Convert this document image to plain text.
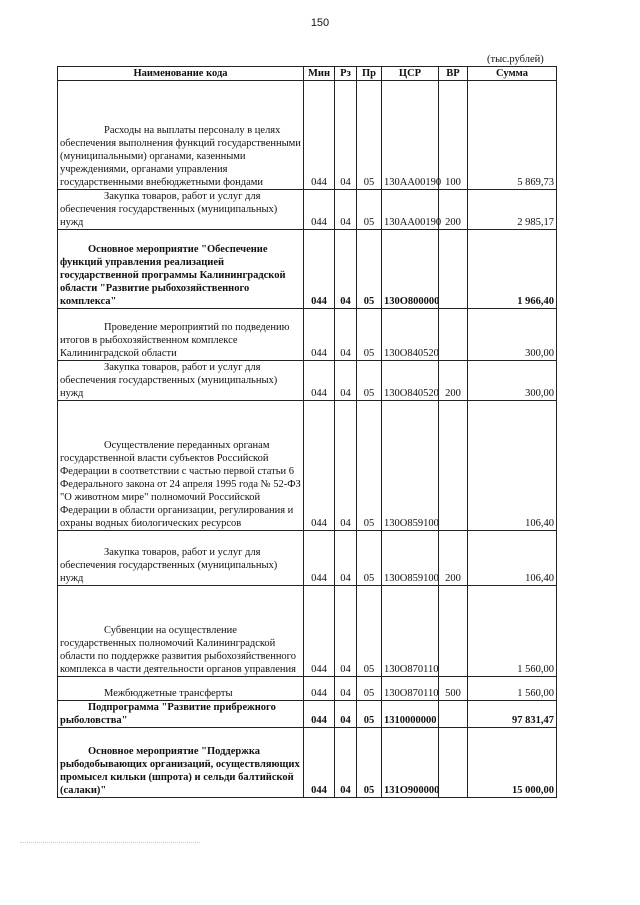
150
(тыс.рублей)
Наименование кода	Мин	Рз	Пр	ЦСР	ВР	Сумма
Расходы на выплаты персоналу в целях обеспечения выполнения функций государственными (муниципальными) органами, казенными учреждениями, органами управления государственными внебюджетными фондами	044	04	05	130АА00190	100	5 869,73
Закупка товаров, работ и услуг для обеспечения государственных (муниципальных) нужд	044	04	05	130АА00190	200	2 985,17
Основное мероприятие "Обеспечение функций управления реализацией государственной программы Калининградской области "Развитие рыбохозяйственного комплекса"	044	04	05	130О800000		1 966,40
Проведение мероприятий по подведению итогов в рыбохозяйственном комплексе Калининградской области	044	04	05	130О840520		300,00
Закупка товаров, работ и услуг для обеспечения государственных (муниципальных) нужд	044	04	05	130О840520	200	300,00
Осуществление переданных органам государственной власти субъектов Российской Федерации в соответствии с частью первой статьи 6 Федерального закона от 24 апреля 1995 года № 52-ФЗ "О животном мире" полномочий Российской Федерации в области организации, регулирования и охраны водных биологических ресурсов	044	04	05	130О859100		106,40
Закупка товаров, работ и услуг для обеспечения государственных (муниципальных) нужд	044	04	05	130О859100	200	106,40
Субвенции на осуществление государственных полномочий Калининградской области по поддержке развития рыбохозяйственного комплекса в части деятельности органов управления	044	04	05	130О870110		1 560,00
Межбюджетные трансферты	044	04	05	130О870110	500	1 560,00
Подпрограмма "Развитие прибрежного рыболовства"	044	04	05	1310000000		97 831,47
Основное мероприятие "Поддержка рыбодобывающих организаций, осуществляющих промысел кильки (шпрота) и сельди балтийской (салаки)"	044	04	05	131О900000		15 000,00
